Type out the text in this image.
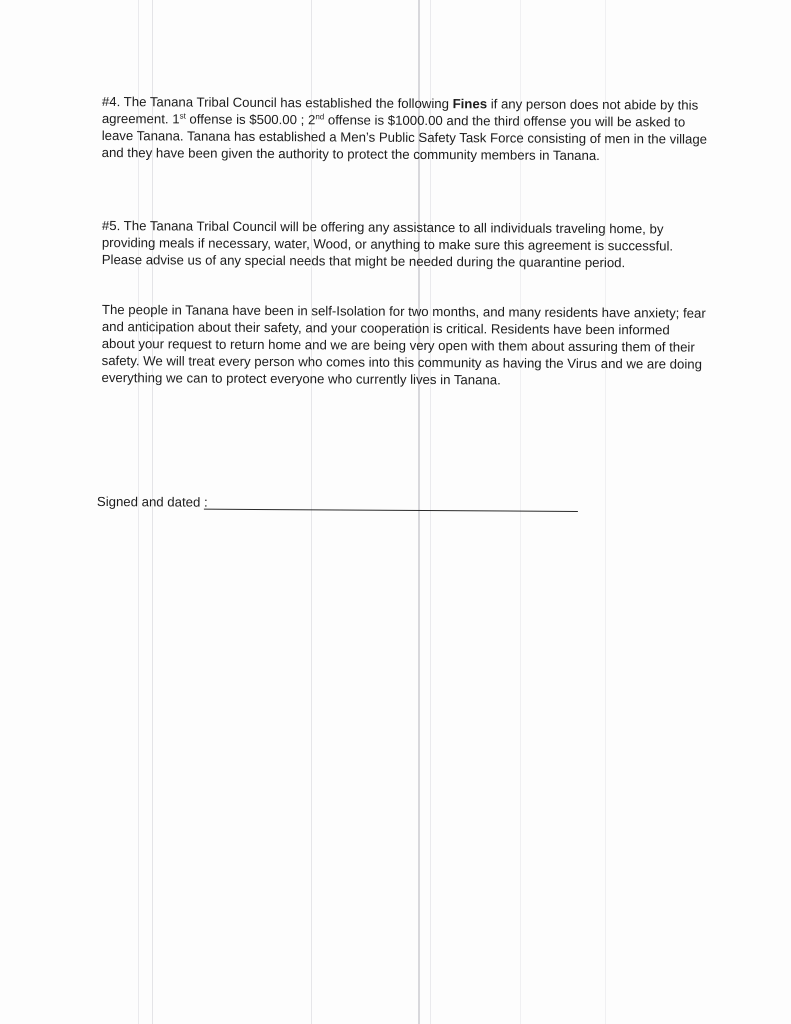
#4. The Tanana Tribal Council has established the following Fines if any person does not abide by this
agreement. 1st offense is $500.00 ; 2nd offense is $1000.00 and the third offense you will be asked to
leave Tanana. Tanana has established a Men’s Public Safety Task Force consisting of men in the village
and they have been given the authority to protect the community members in Tanana.

#5. The Tanana Tribal Council will be offering any assistance to all individuals traveling home, by
providing meals if necessary, water, Wood, or anything to make sure this agreement is successful.
Please advise us of any special needs that might be needed during the quarantine period.

The people in Tanana have been in self-Isolation for two months, and many residents have anxiety; fear
and anticipation about their safety, and your cooperation is critical. Residents have been informed
about your request to return home and we are being very open with them about assuring them of their
safety. We will treat every person who comes into this community as having the Virus and we are doing
everything we can to protect everyone who currently lives in Tanana.

Signed and dated :
